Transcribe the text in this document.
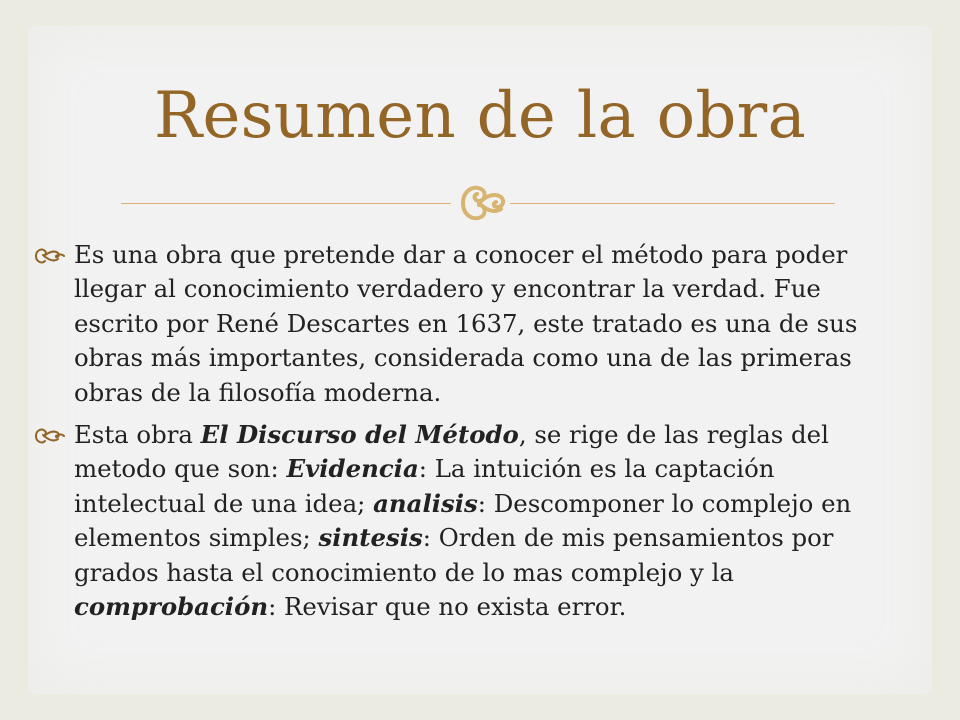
Resumen de la obra

Es una obra que pretende dar a conocer el método para poder llegar al conocimiento verdadero y encontrar la verdad. Fue escrito por René Descartes en 1637, este tratado es una de sus obras más importantes, considerada como una de las primeras obras de la filosofía moderna.

Esta obra El Discurso del Método, se rige de las reglas del metodo que son: Evidencia: La intuición es la captación intelectual de una idea; analisis: Descomponer lo complejo en elementos simples; sintesis: Orden de mis pensamientos por grados hasta el conocimiento de lo mas complejo y la comprobación: Revisar que no exista error.
